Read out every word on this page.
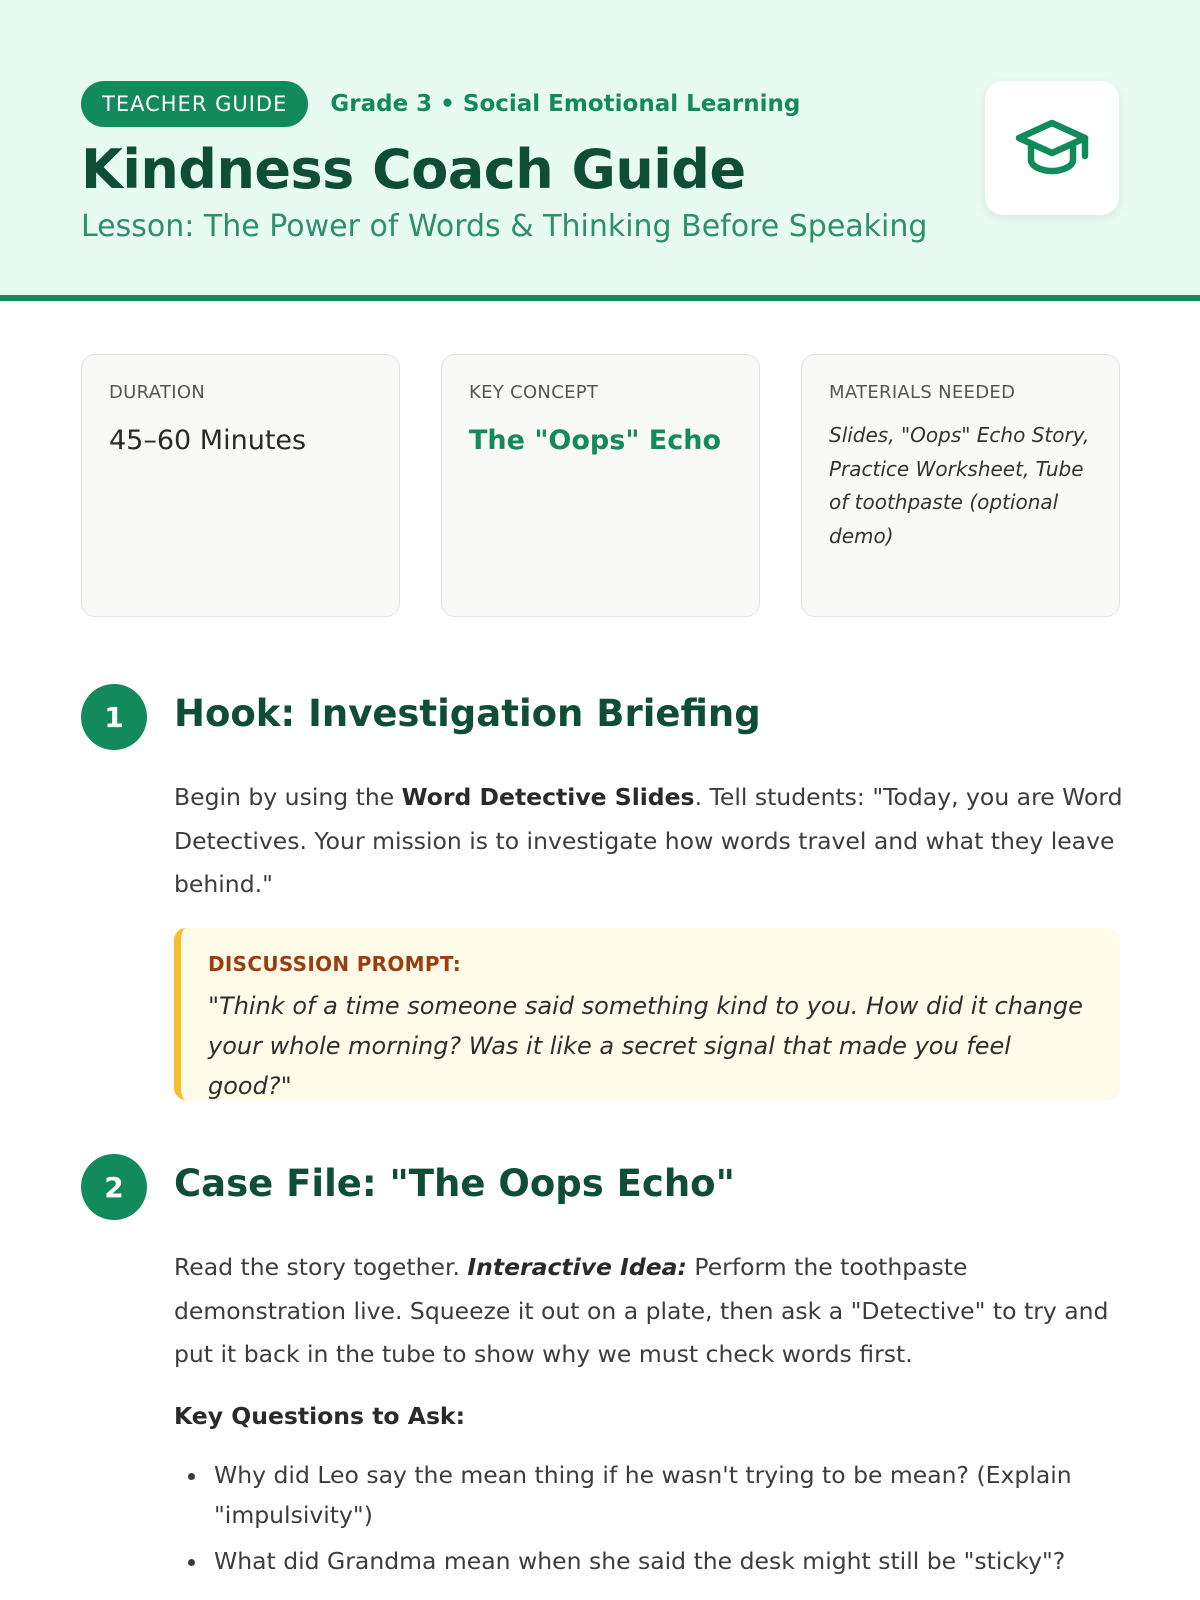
TEACHER GUIDE	Grade 3 • Social Emotional Learning
Kindness Coach Guide
Lesson: The Power of Words & Thinking Before Speaking
DURATION
45–60 Minutes
KEY CONCEPT
The "Oops" Echo
MATERIALS NEEDED
Slides, "Oops" Echo Story, Practice Worksheet, Tube of toothpaste (optional demo)
1	Hook: Investigation Briefing

Begin by using the Word Detective Slides. Tell students: "Today, you are Word Detectives. Your mission is to investigate how words travel and what they leave behind."

DISCUSSION PROMPT:
"Think of a time someone said something kind to you. How did it change your whole morning? Was it like a secret signal that made you feel good?"
2	Case File: "The Oops Echo"

Read the story together. Interactive Idea: Perform the toothpaste demonstration live. Squeeze it out on a plate, then ask a "Detective" to try and put it back in the tube to show why we must check words first.

Key Questions to Ask:
Why did Leo say the mean thing if he wasn't trying to be mean? (Explain "impulsivity")
What did Grandma mean when she said the desk might still be "sticky"?
